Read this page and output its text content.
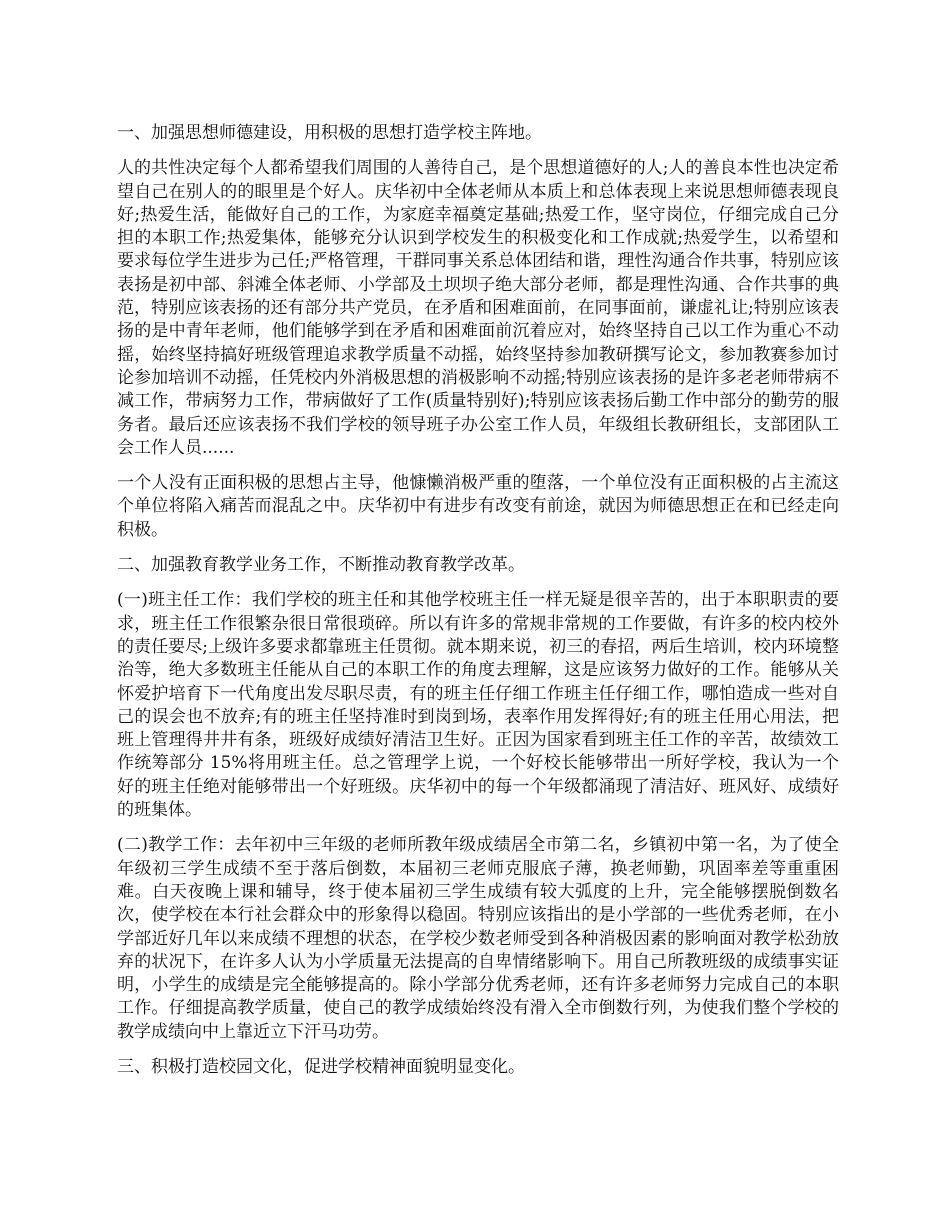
一、加强思想师德建设，用积极的思想打造学校主阵地。

人的共性决定每个人都希望我们周围的人善待自己，是个思想道德好的人;人的善良本性也决定希望自己在别人的的眼里是个好人。庆华初中全体老师从本质上和总体表现上来说思想师德表现良好;热爱生活，能做好自己的工作，为家庭幸福奠定基础;热爱工作，坚守岗位，仔细完成自己分担的本职工作;热爱集体，能够充分认识到学校发生的积极变化和工作成就;热爱学生，以希望和要求每位学生进步为己任;严格管理，干群同事关系总体团结和谐，理性沟通合作共事，特别应该表扬是初中部、斜滩全体老师、小学部及土坝坝子绝大部分老师，都是理性沟通、合作共事的典范，特别应该表扬的还有部分共产党员，在矛盾和困难面前，在同事面前，谦虚礼让;特别应该表扬的是中青年老师，他们能够学到在矛盾和困难面前沉着应对，始终坚持自己以工作为重心不动摇，始终坚持搞好班级管理追求教学质量不动摇，始终坚持参加教研撰写论文，参加教赛参加讨论参加培训不动摇，任凭校内外消极思想的消极影响不动摇;特别应该表扬的是许多老老师带病不减工作，带病努力工作，带病做好了工作(质量特别好);特别应该表扬后勤工作中部分的勤劳的服务者。最后还应该表扬不我们学校的领导班子办公室工作人员，年级组长教研组长，支部团队工会工作人员......

一个人没有正面积极的思想占主导，他慷懒消极严重的堕落，一个单位没有正面积极的占主流这个单位将陷入痛苦而混乱之中。庆华初中有进步有改变有前途，就因为师德思想正在和已经走向积极。

二、加强教育教学业务工作，不断推动教育教学改革。

(一)班主任工作：我们学校的班主任和其他学校班主任一样无疑是很辛苦的，出于本职职责的要求，班主任工作很繁杂很日常很琐碎。所以有许多的常规非常规的工作要做，有许多的校内校外的责任要尽;上级许多要求都靠班主任贯彻。就本期来说，初三的春招，两后生培训，校内环境整治等，绝大多数班主任能从自己的本职工作的角度去理解，这是应该努力做好的工作。能够从关怀爱护培育下一代角度出发尽职尽责，有的班主任仔细工作班主任仔细工作，哪怕造成一些对自己的误会也不放弃;有的班主任坚持准时到岗到场，表率作用发挥得好;有的班主任用心用法，把班上管理得井井有条，班级好成绩好清洁卫生好。正因为国家看到班主任工作的辛苦，故绩效工作统筹部分 15%将用班主任。总之管理学上说，一个好校长能够带出一所好学校，我认为一个好的班主任绝对能够带出一个好班级。庆华初中的每一个年级都涌现了清洁好、班风好、成绩好的班集体。

(二)教学工作：去年初中三年级的老师所教年级成绩居全市第二名，乡镇初中第一名，为了使全年级初三学生成绩不至于落后倒数，本届初三老师克服底子薄，换老师勤，巩固率差等重重困难。白天夜晚上课和辅导，终于使本届初三学生成绩有较大弧度的上升，完全能够摆脱倒数名次，使学校在本行社会群众中的形象得以稳固。特别应该指出的是小学部的一些优秀老师，在小学部近好几年以来成绩不理想的状态，在学校少数老师受到各种消极因素的影响面对教学松劲放弃的状况下，在许多人认为小学质量无法提高的自卑情绪影响下。用自己所教班级的成绩事实证明，小学生的成绩是完全能够提高的。除小学部分优秀老师，还有许多老师努力完成自己的本职工作。仔细提高教学质量，使自己的教学成绩始终没有滑入全市倒数行列，为使我们整个学校的教学成绩向中上靠近立下汗马功劳。

三、积极打造校园文化，促进学校精神面貌明显变化。
